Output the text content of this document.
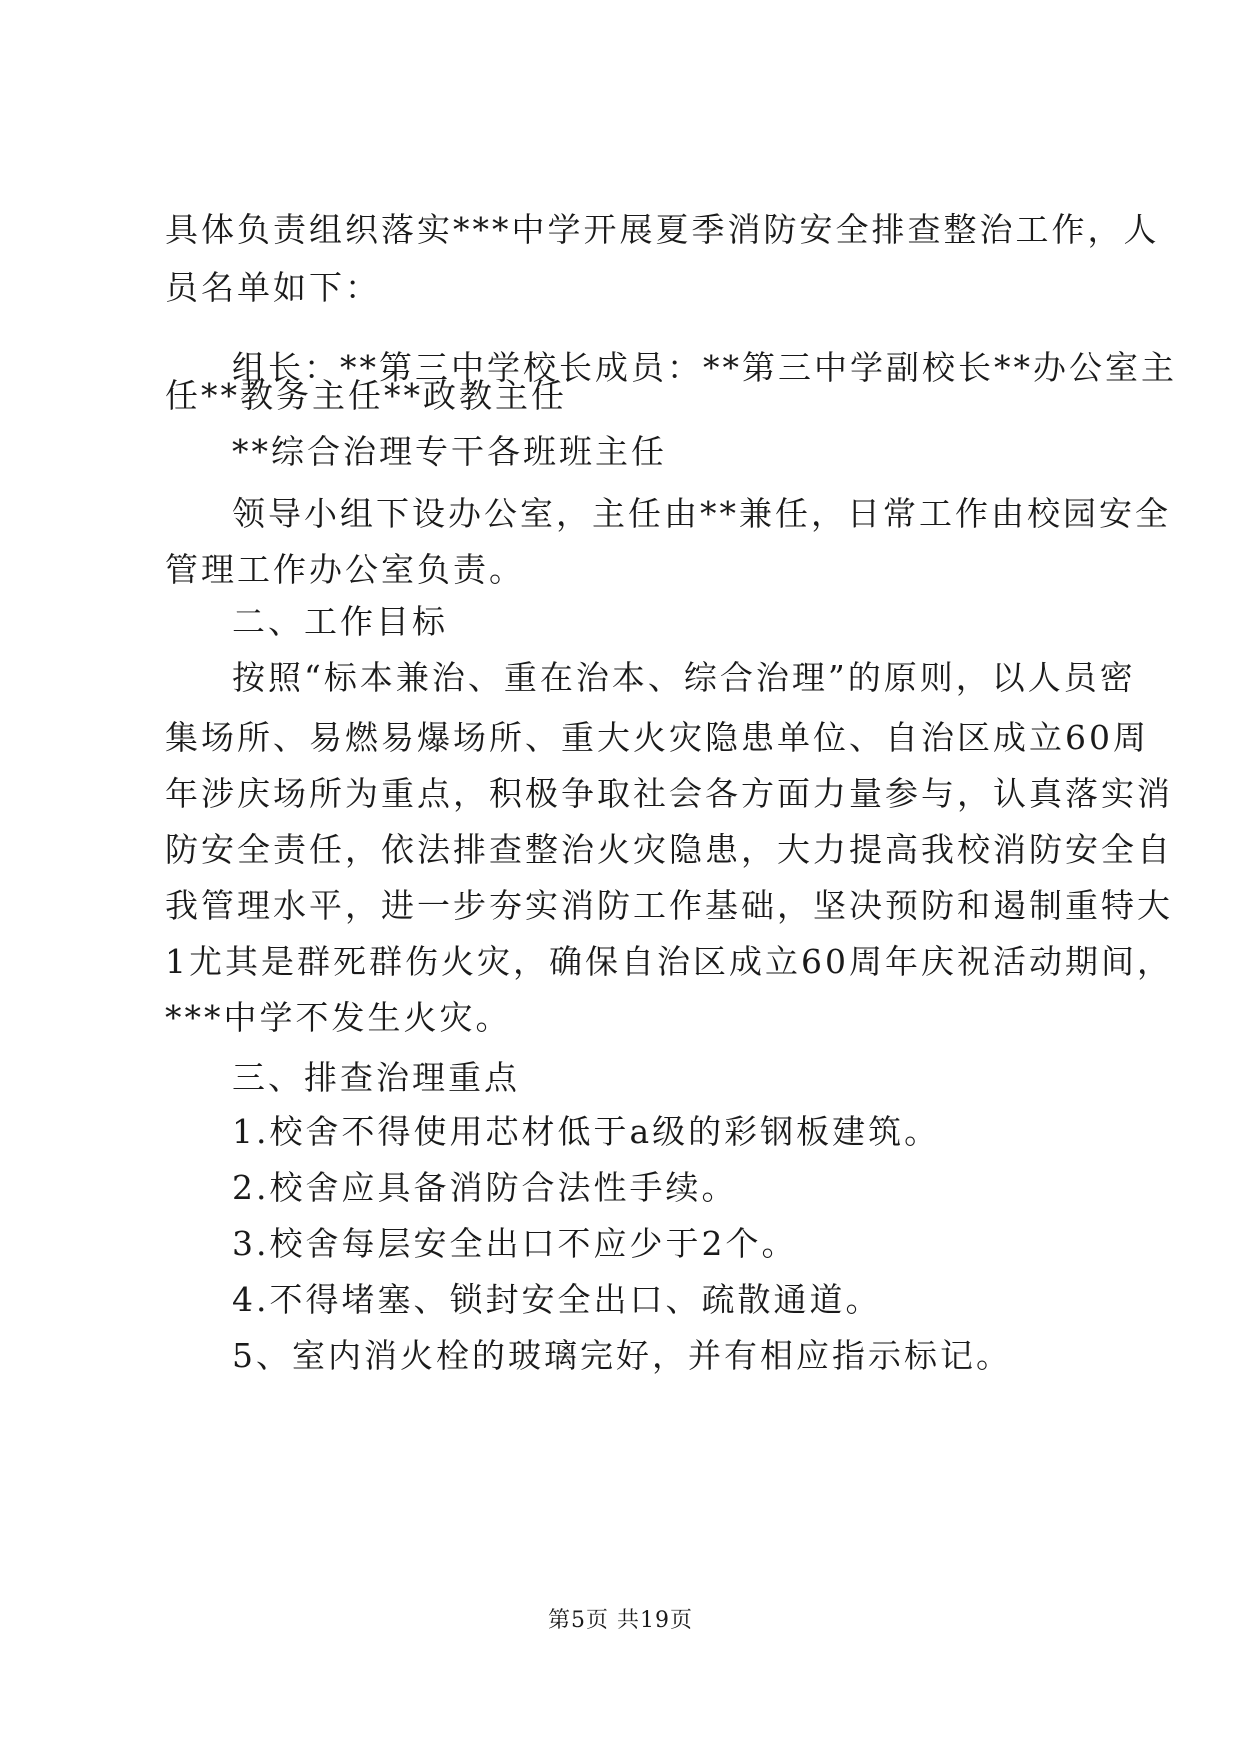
具体负责组织落实***中学开展夏季消防安全排查整治工作，人
员名单如下：
组长：**第三中学校长成员：**第三中学副校长**办公室主
任**教务主任**政教主任
**综合治理专干各班班主任
领导小组下设办公室，主任由**兼任，日常工作由校园安全
管理工作办公室负责。
二、工作目标
按照“标本兼治、重在治本、综合治理”的原则，以人员密
集场所、易燃易爆场所、重大火灾隐患单位、自治区成立60周
年涉庆场所为重点，积极争取社会各方面力量参与，认真落实消
防安全责任，依法排查整治火灾隐患，大力提高我校消防安全自
我管理水平，进一步夯实消防工作基础，坚决预防和遏制重特大
1尤其是群死群伤火灾，确保自治区成立60周年庆祝活动期间，
***中学不发生火灾。
三、排查治理重点
1.校舍不得使用芯材低于a级的彩钢板建筑。
2.校舍应具备消防合法性手续。
3.校舍每层安全出口不应少于2个。
4.不得堵塞、锁封安全出口、疏散通道。
5、室内消火栓的玻璃完好，并有相应指示标记。
第5页 共19页
